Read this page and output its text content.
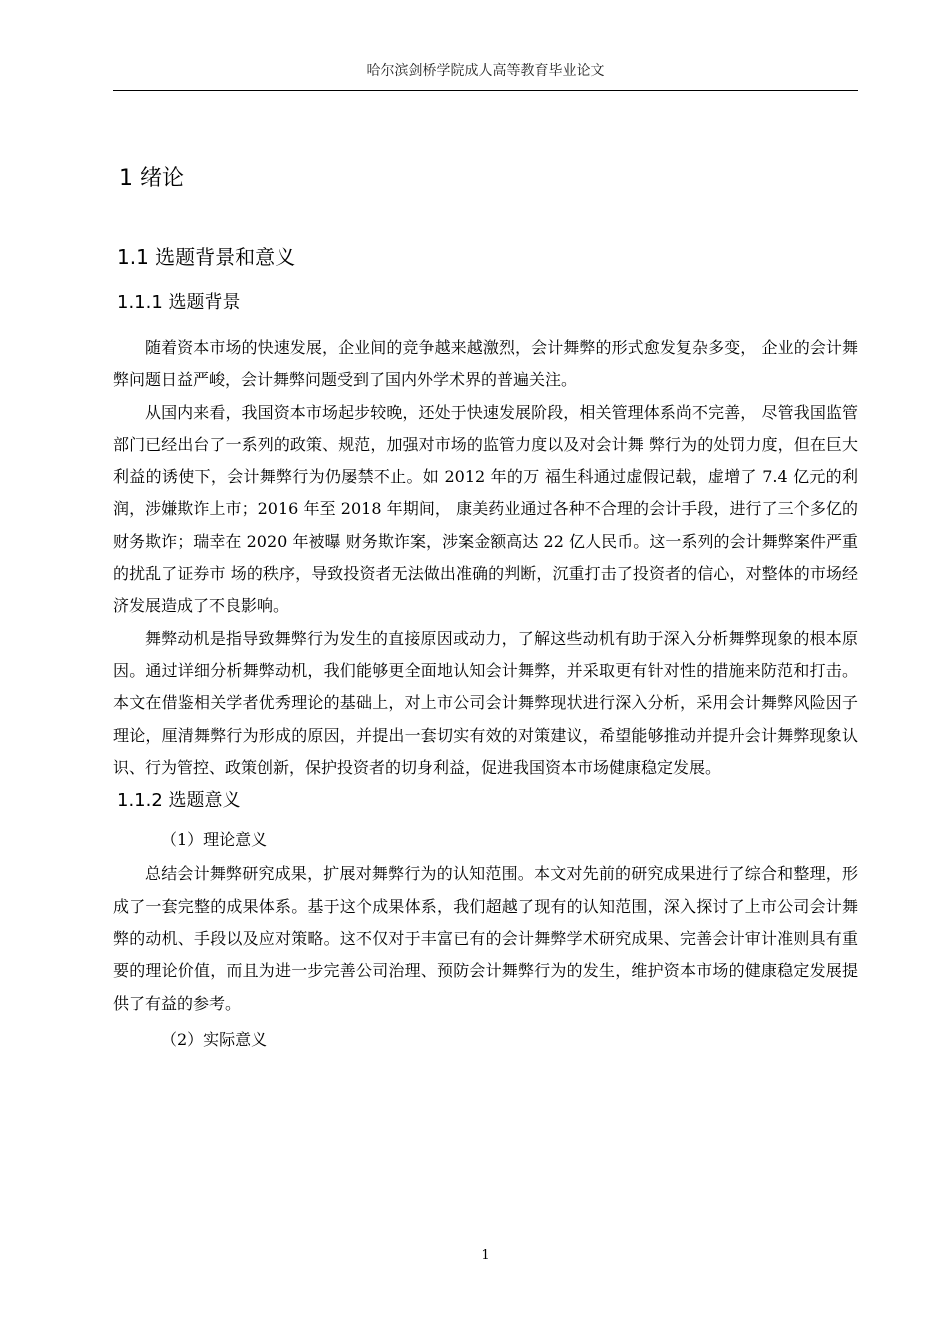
哈尔滨剑桥学院成人高等教育毕业论文
1 绪论
1.1 选题背景和意义
1.1.1 选题背景

随着资本市场的快速发展，企业间的竞争越来越激烈，会计舞弊的形式愈发复杂多变， 企业的会计舞弊问题日益严峻，会计舞弊问题受到了国内外学术界的普遍关注。

从国内来看，我国资本市场起步较晚，还处于快速发展阶段，相关管理体系尚不完善， 尽管我国监管部门已经出台了一系列的政策、规范，加强对市场的监管力度以及对会计舞 弊行为的处罚力度，但在巨大利益的诱使下，会计舞弊行为仍屡禁不止。如 2012 年的万 福生科通过虚假记载，虚增了 7.4 亿元的利润，涉嫌欺诈上市；2016 年至 2018 年期间， 康美药业通过各种不合理的会计手段，进行了三个多亿的财务欺诈；瑞幸在 2020 年被曝 财务欺诈案，涉案金额高达 22 亿人民币。这一系列的会计舞弊案件严重的扰乱了证券市 场的秩序，导致投资者无法做出准确的判断，沉重打击了投资者的信心，对整体的市场经 济发展造成了不良影响。

舞弊动机是指导致舞弊行为发生的直接原因或动力，了解这些动机有助于深入分析舞弊现象的根本原因。通过详细分析舞弊动机，我们能够更全面地认知会计舞弊，并采取更有针对性的措施来防范和打击。本文在借鉴相关学者优秀理论的基础上，对上市公司会计舞弊现状进行深入分析，采用会计舞弊风险因子理论，厘清舞弊行为形成的原因，并提出一套切实有效的对策建议，希望能够推动并提升会计舞弊现象认识、行为管控、政策创新，保护投资者的切身利益，促进我国资本市场健康稳定发展。

1.1.2 选题意义

（1）理论意义

总结会计舞弊研究成果，扩展对舞弊行为的认知范围。本文对先前的研究成果进行了综合和整理，形成了一套完整的成果体系。基于这个成果体系，我们超越了现有的认知范围，深入探讨了上市公司会计舞弊的动机、手段以及应对策略。这不仅对于丰富已有的会计舞弊学术研究成果、完善会计审计准则具有重要的理论价值，而且为进一步完善公司治理、预防会计舞弊行为的发生，维护资本市场的健康稳定发展提供了有益的参考。

（2）实际意义

1
